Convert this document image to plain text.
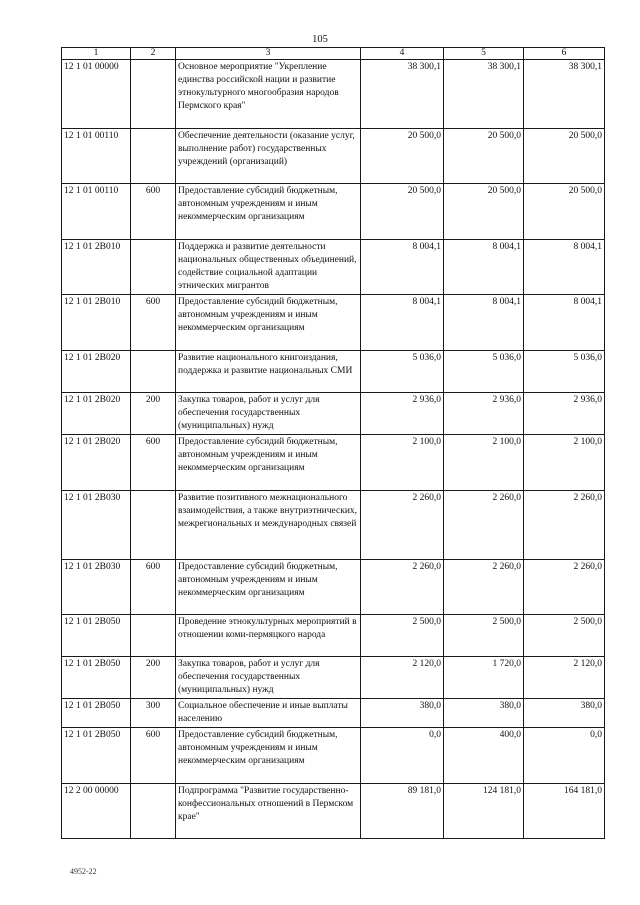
105
1	2	3	4	5	6
12 1 01 00000		Основное мероприятие "Укрепление единства российской нации и развитие этнокультурного многообразия народов Пермского края"	38 300,1	38 300,1	38 300,1
12 1 01 00110		Обеспечение деятельности (оказание услуг, выполнение работ) государственных учреждений (организаций)	20 500,0	20 500,0	20 500,0
12 1 01 00110	600	Предоставление субсидий бюджетным, автономным учреждениям и иным некоммерческим организациям	20 500,0	20 500,0	20 500,0
12 1 01 2В010		Поддержка и развитие деятельности национальных общественных объединений, содействие социальной адаптации этнических мигрантов	8 004,1	8 004,1	8 004,1
12 1 01 2В010	600	Предоставление субсидий бюджетным, автономным учреждениям и иным некоммерческим организациям	8 004,1	8 004,1	8 004,1
12 1 01 2В020		Развитие национального книгоиздания, поддержка и развитие национальных СМИ	5 036,0	5 036,0	5 036,0
12 1 01 2В020	200	Закупка товаров, работ и услуг для обеспечения государственных (муниципальных) нужд	2 936,0	2 936,0	2 936,0
12 1 01 2В020	600	Предоставление субсидий бюджетным, автономным учреждениям и иным некоммерческим организациям	2 100,0	2 100,0	2 100,0
12 1 01 2В030		Развитие позитивного межнационального взаимодействия, а также внутриэтнических, межрегиональных и международных связей	2 260,0	2 260,0	2 260,0
12 1 01 2В030	600	Предоставление субсидий бюджетным, автономным учреждениям и иным некоммерческим организациям	2 260,0	2 260,0	2 260,0
12 1 01 2В050		Проведение этнокультурных мероприятий в отношении коми-пермяцкого народа	2 500,0	2 500,0	2 500,0
12 1 01 2В050	200	Закупка товаров, работ и услуг для обеспечения государственных (муниципальных) нужд	2 120,0	1 720,0	2 120,0
12 1 01 2В050	300	Социальное обеспечение и иные выплаты населению	380,0	380,0	380,0
12 1 01 2В050	600	Предоставление субсидий бюджетным, автономным учреждениям и иным некоммерческим организациям	0,0	400,0	0,0
12 2 00 00000		Подпрограмма "Развитие государственно-конфессиональных отношений в Пермском крае"	89 181,0	124 181,0	164 181,0
4952-22
